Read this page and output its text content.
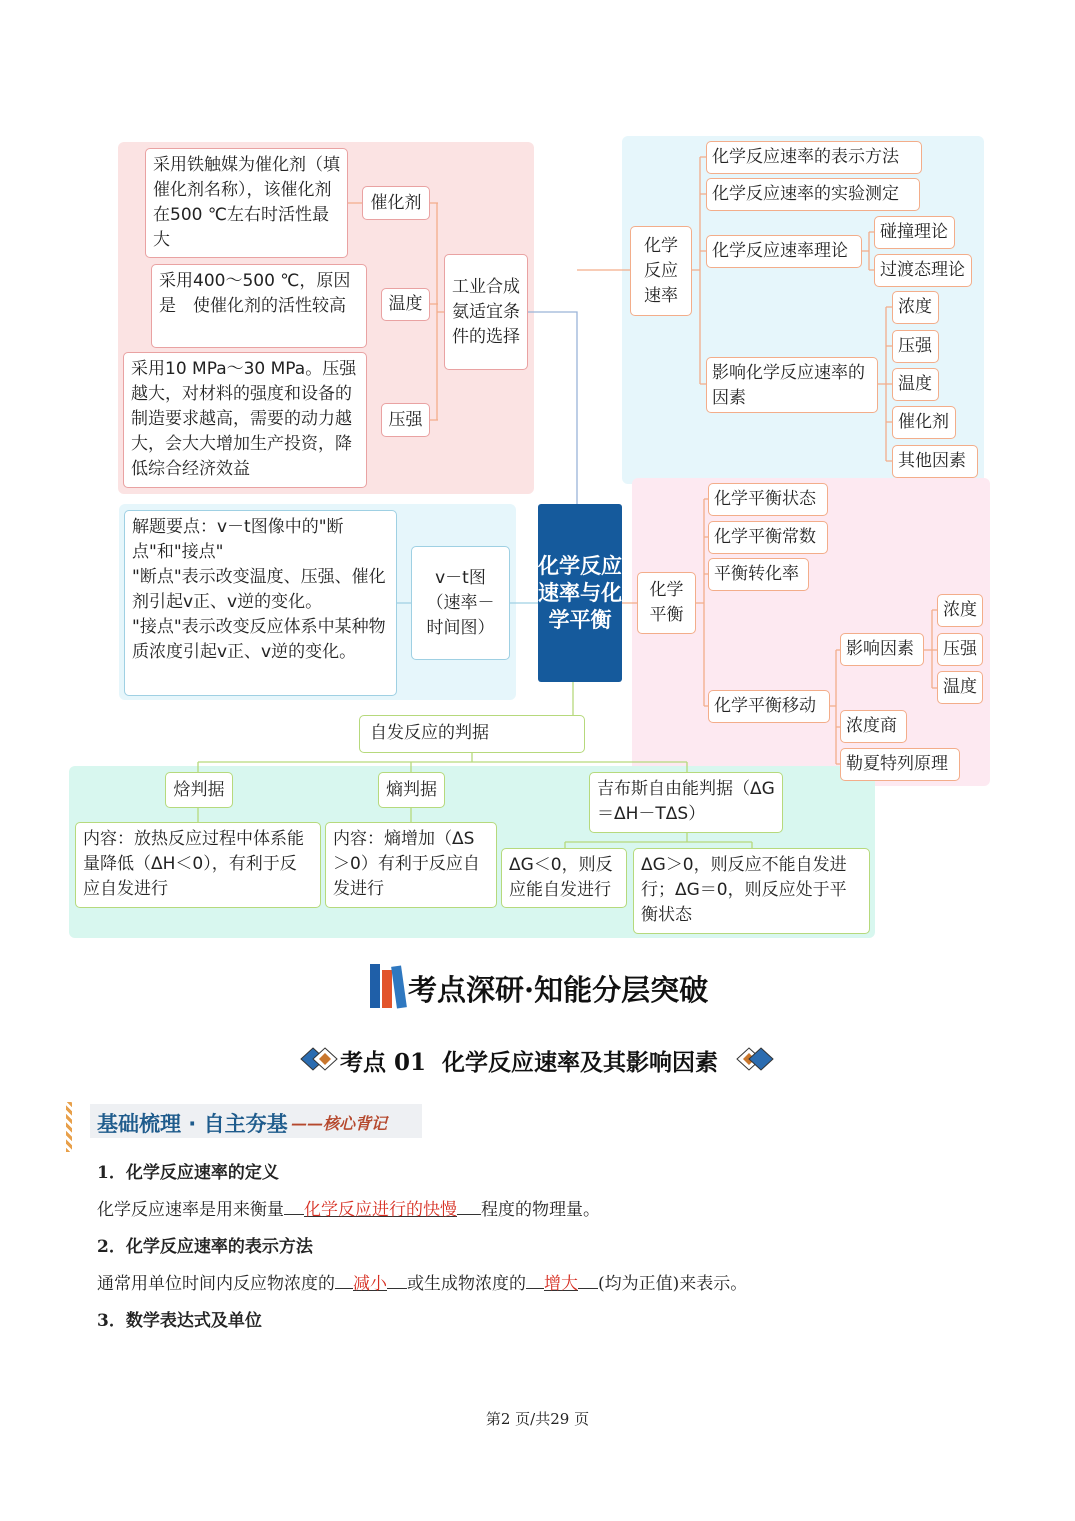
采用铁触媒为催化剂（填催化剂名称），该催化剂在500 ℃左右时活性最大
催化剂
采用400～500 ℃，原因是　使催化剂的活性较高	温度
采用10 MPa～30 MPa。压强越大，对材料的强度和设备的制造要求越高，需要的动力越大，会大大增加生产投资，降低综合经济效益
压强
工业合成氨适宜条件的选择
化学反应速率与化学平衡
化学反应速率
化学反应速率的表示方法
化学反应速率的实验测定
化学反应速率理论
碰撞理论
过渡态理论
影响化学反应速率的因素
浓度
压强
温度
催化剂
其他因素
解题要点：v－t图像中的"断点"和"接点"
"断点"表示改变温度、压强、催化剂引起v正、v逆的变化。
"接点"表示改变反应体系中某种物质浓度引起v正、v逆的变化。
v－t图（速率－时间图）
化学平衡
化学平衡状态
化学平衡常数
平衡转化率
化学平衡移动
影响因素
浓度商
勒夏特列原理
浓度
压强
温度
自发反应的判据
焓判据	熵判据	吉布斯自由能判据（ΔG＝ΔH－TΔS）
内容：放热反应过程中体系能量降低（ΔH＜0），有利于反应自发进行
内容：熵增加（ΔS＞0）有利于反应自发进行
ΔG＜0，则反应能自发进行
ΔG＞0，则反应不能自发进行；ΔG＝0，则反应处于平衡状态
考点深研·知能分层突破
考点 01  化学反应速率及其影响因素
基础梳理 · 自主夯基 ——核心背记
1．化学反应速率的定义
化学反应速率是用来衡量 化学反应进行的快慢 程度的物理量。
2．化学反应速率的表示方法
通常用单位时间内反应物浓度的 减小 或生成物浓度的 增大 (均为正值)来表示。
3．数学表达式及单位
第2 页/共29 页
